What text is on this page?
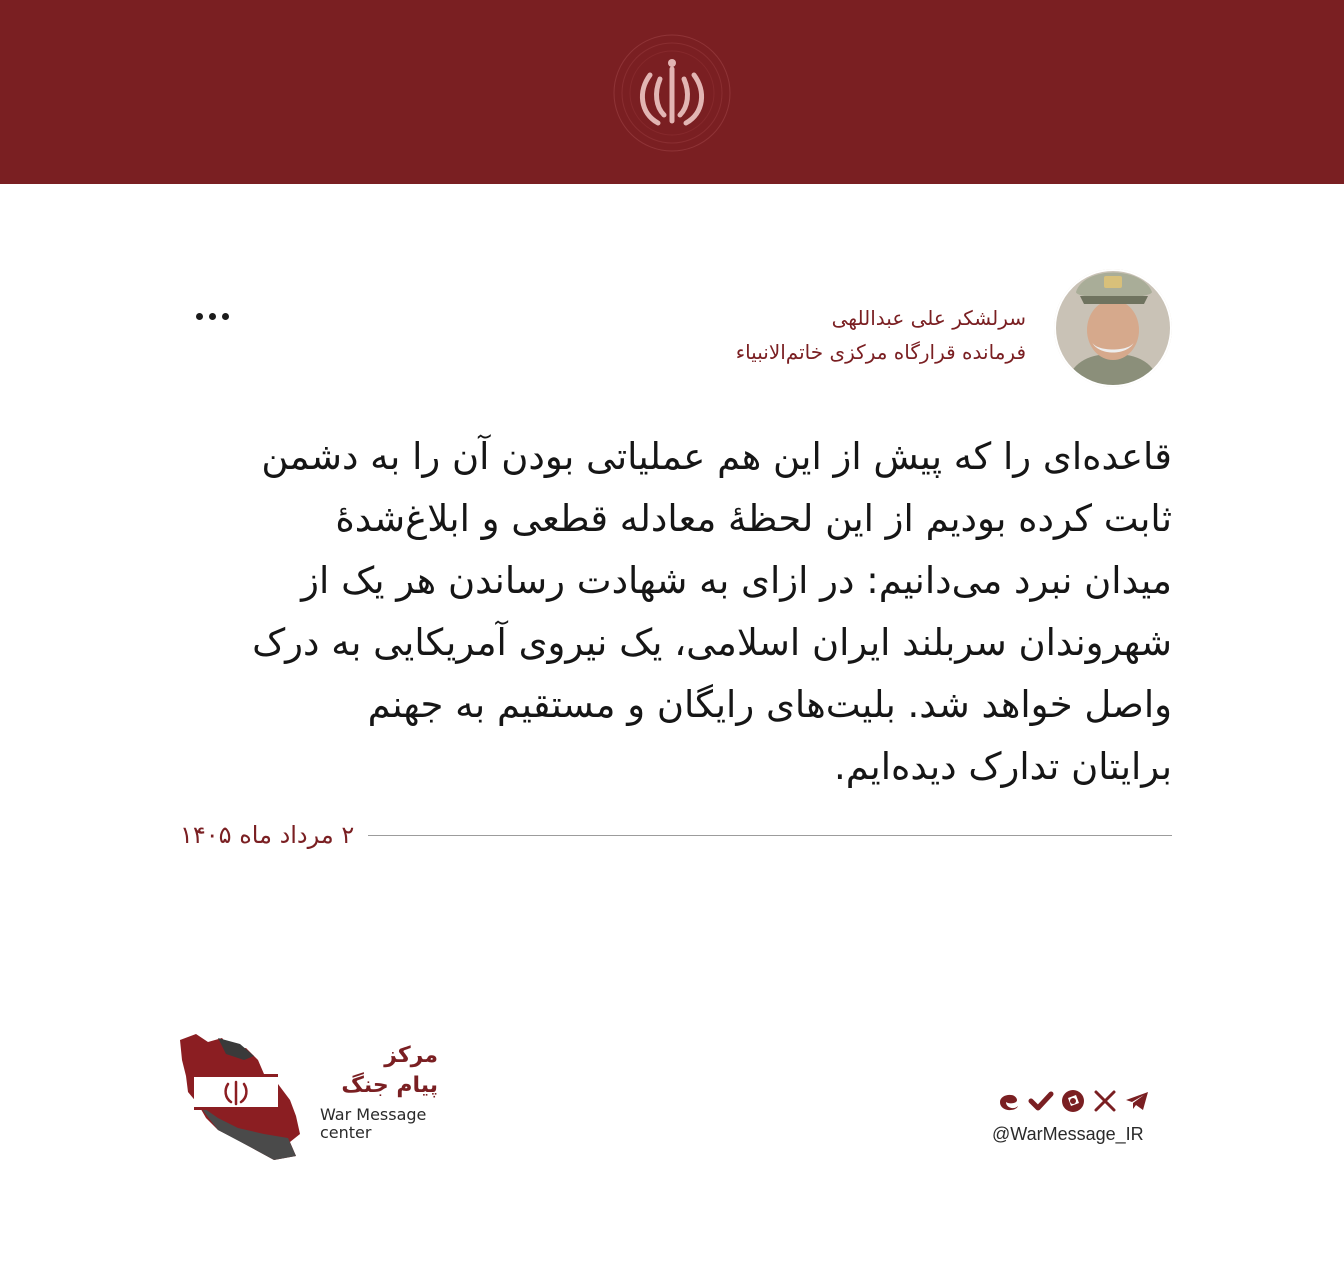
سرلشکر علی عبداللهی
فرمانده قرارگاه مرکزی خاتم‌الانبیاء
قاعده‌ای را که پیش از این هم عملیاتی بودن آن را به دشمن
ثابت کرده بودیم از این لحظهٔ معادله قطعی و ابلاغ‌شدهٔ
میدان نبرد می‌دانیم: در ازای به شهادت رساندن هر یک از
شهروندان سربلند ایران اسلامی، یک نیروی آمریکایی به درک
واصل خواهد شد. بلیت‌های رایگان و مستقیم به جهنم
برایتان تدارک دیده‌ایم.
۲ مرداد ماه ۱۴۰۵
مرکز
پیام جنگ
War Message
center	@WarMessage_IR
